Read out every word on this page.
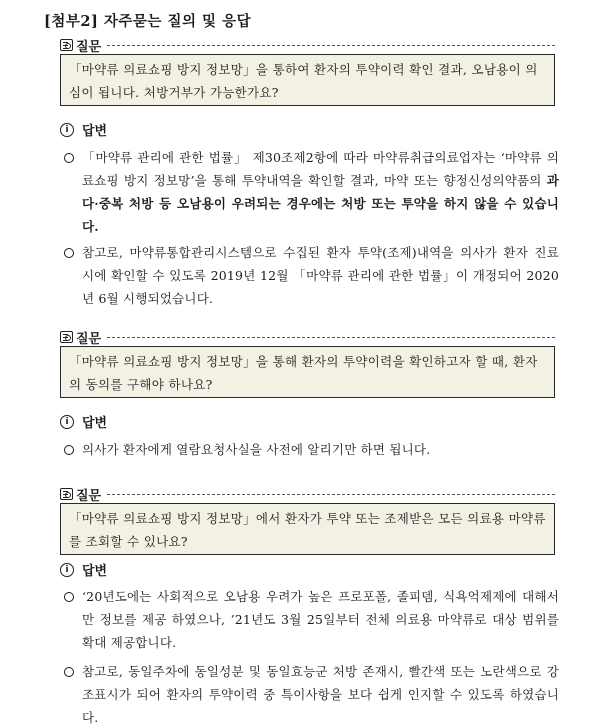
[첨부2] 자주묻는 질의 및 응답
질문
「마약류 의료쇼핑 방지 정보망」을 통하여 환자의 투약이력 확인 결과, 오남용이 의심이 됩니다. 처방거부가 가능한가요?
i	답변
「마약류 관리에 관한 법률」 제30조제2항에 따라 마약류취급의료업자는 ‘마약류 의료쇼핑 방지 정보망’을 통해 투약내역을 확인할 결과, 마약 또는 향정신성의약품의 과다·중복 처방 등 오남용이 우려되는 경우에는 처방 또는 투약을 하지 않을 수 있습니다.
참고로, 마약류통합관리시스템으로 수집된 환자 투약(조제)내역을 의사가 환자 진료 시에 확인할 수 있도록 2019년 12월 「마약류 관리에 관한 법률」이 개정되어 2020년 6월 시행되었습니다.
질문
「마약류 의료쇼핑 방지 정보망」을 통해 환자의 투약이력을 확인하고자 할 때, 환자의 동의를 구해야 하나요?
i	답변
의사가 환자에게 열람요청사실을 사전에 알리기만 하면 됩니다.
질문
「마약류 의료쇼핑 방지 정보망」에서 환자가 투약 또는 조제받은 모든 의료용 마약류를 조회할 수 있나요?
i	답변
‘20년도에는 사회적으로 오남용 우려가 높은 프로포폴, 졸피뎀, 식욕억제제에 대해서만 정보를 제공 하였으나, ’21년도 3월 25일부터 전체 의료용 마약류로 대상 범위를 확대 제공합니다.
참고로, 동일주차에 동일성분 및 동일효능군 처방 존재시, 빨간색 또는 노란색으로 강조표시가 되어 환자의 투약이력 중 특이사항을 보다 쉽게 인지할 수 있도록 하였습니다.
